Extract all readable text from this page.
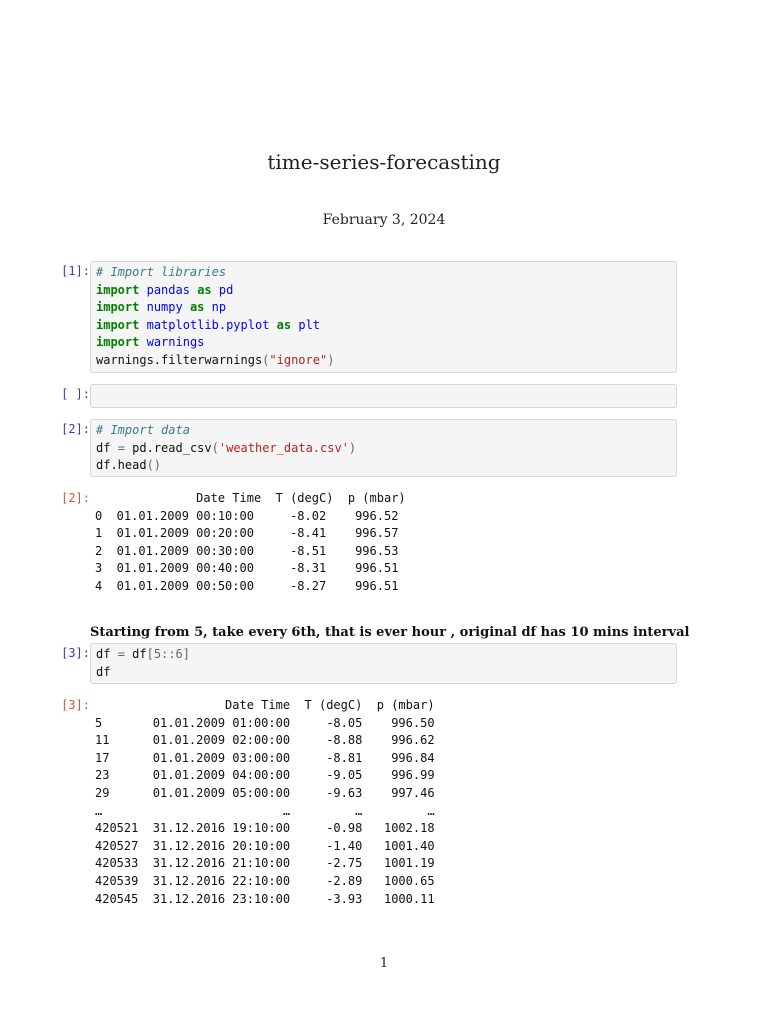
time-series-forecasting
February 3, 2024
[1]: # Import libraries
import pandas as pd
import numpy as np
import matplotlib.pyplot as plt
import warnings
warnings.filterwarnings("ignore")
[ ]:
[2]: # Import data
df = pd.read_csv('weather_data.csv')
df.head()
[2]: Date Time  T (degC)  p (mbar)
0  01.01.2009 00:10:00     -8.02    996.52
1  01.01.2009 00:20:00     -8.41    996.57
2  01.01.2009 00:30:00     -8.51    996.53
3  01.01.2009 00:40:00     -8.31    996.51
4  01.01.2009 00:50:00     -8.27    996.51
Starting from 5, take every 6th, that is ever hour , original df has 10 mins interval
[3]: df = df[5::6]
df
[3]: Date Time  T (degC)  p (mbar)
5       01.01.2009 01:00:00     -8.05    996.50
11      01.01.2009 02:00:00     -8.88    996.62
17      01.01.2009 03:00:00     -8.81    996.84
23      01.01.2009 04:00:00     -9.05    996.99
29      01.01.2009 05:00:00     -9.63    997.46
…                         …         …         …
420521  31.12.2016 19:10:00     -0.98   1002.18
420527  31.12.2016 20:10:00     -1.40   1001.40
420533  31.12.2016 21:10:00     -2.75   1001.19
420539  31.12.2016 22:10:00     -2.89   1000.65
420545  31.12.2016 23:10:00     -3.93   1000.11
1
